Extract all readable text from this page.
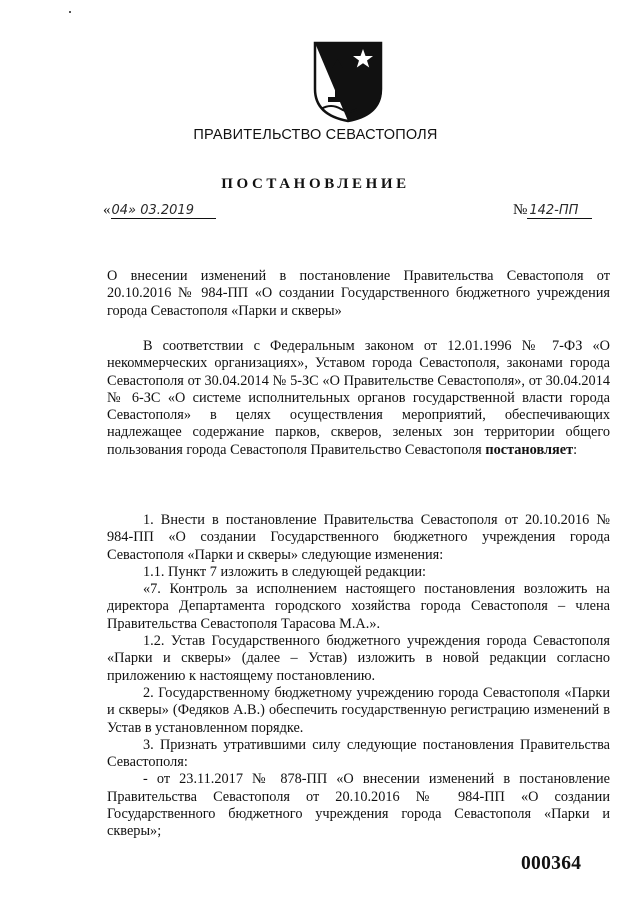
ПРАВИТЕЛЬСТВО СЕВАСТОПОЛЯ
ПОСТАНОВЛЕНИЕ
«04» 03.2019	№ 142-ПП
О внесении изменений в постановление Правительства Севастополя от 20.10.2016 № 984-ПП «О создании Государственного бюджетного учреждения города Севастополя «Парки и скверы»
В соответствии с Федеральным законом от 12.01.1996 № 7-ФЗ «О некоммерческих организациях», Уставом города Севастополя, законами города Севастополя от 30.04.2014 № 5-ЗС «О Правительстве Севастополя», от 30.04.2014 № 6-ЗС «О системе исполнительных органов государственной власти города Севастополя» в целях осуществления мероприятий, обеспечивающих надлежащее содержание парков, скверов, зеленых зон территории общего пользования города Севастополя Правительство Севастополя постановляет:

1. Внести в постановление Правительства Севастополя от 20.10.2016 № 984-ПП «О создании Государственного бюджетного учреждения города Севастополя «Парки и скверы» следующие изменения:

1.1. Пункт 7 изложить в следующей редакции:

«7. Контроль за исполнением настоящего постановления возложить на директора Департамента городского хозяйства города Севастополя – члена Правительства Севастополя Тарасова М.А.».

1.2. Устав Государственного бюджетного учреждения города Севастополя «Парки и скверы» (далее – Устав) изложить в новой редакции согласно приложению к настоящему постановлению.

2. Государственному бюджетному учреждению города Севастополя «Парки и скверы» (Федяков А.В.) обеспечить государственную регистрацию изменений в Устав в установленном порядке.

3. Признать утратившими силу следующие постановления Правительства Севастополя:

- от 23.11.2017 № 878-ПП «О внесении изменений в постановление Правительства Севастополя от 20.10.2016 № 984-ПП «О создании Государственного бюджетного учреждения города Севастополя «Парки и скверы»;

000364
